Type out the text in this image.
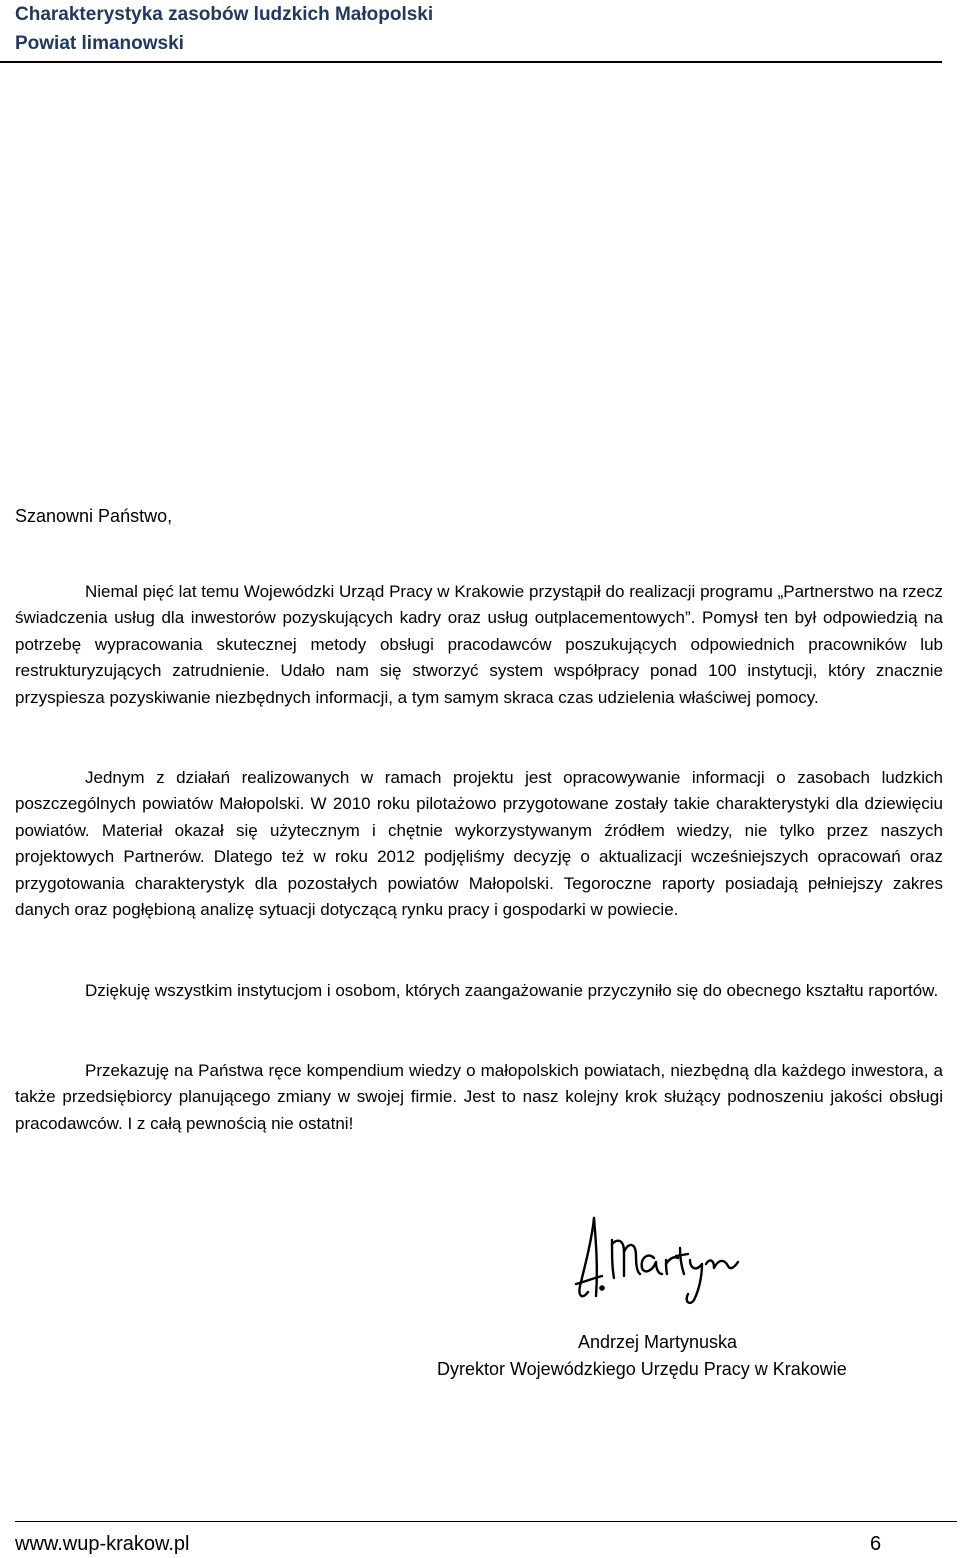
Charakterystyka zasobów ludzkich Małopolski
Powiat limanowski
Szanowni Państwo,

Niemal pięć lat temu Wojewódzki Urząd Pracy w Krakowie przystąpił do realizacji programu „Partnerstwo na rzecz świadczenia usług dla inwestorów pozyskujących kadry oraz usług outplacementowych”. Pomysł ten był odpowiedzią na potrzebę wypracowania skutecznej metody obsługi pracodawców poszukujących odpowiednich pracowników lub restrukturyzujących zatrudnienie. Udało nam się stworzyć system współpracy ponad 100 instytucji, który znacznie przyspiesza pozyskiwanie niezbędnych informacji, a tym samym skraca czas udzielenia właściwej pomocy.

Jednym z działań realizowanych w ramach projektu jest opracowywanie informacji o zasobach ludzkich poszczególnych powiatów Małopolski. W 2010 roku pilotażowo przygotowane zostały takie charakterystyki dla dziewięciu powiatów. Materiał okazał się użytecznym i chętnie wykorzystywanym źródłem wiedzy, nie tylko przez naszych projektowych Partnerów. Dlatego też w roku 2012 podjęliśmy decyzję o aktualizacji wcześniejszych opracowań oraz przygotowania charakterystyk dla pozostałych powiatów Małopolski. Tegoroczne raporty posiadają pełniejszy zakres danych oraz pogłębioną analizę sytuacji dotyczącą rynku pracy i gospodarki w powiecie.

Dziękuję wszystkim instytucjom i osobom, których zaangażowanie przyczyniło się do obecnego kształtu raportów.

Przekazuję na Państwa ręce kompendium wiedzy o małopolskich powiatach, niezbędną dla każdego inwestora, a także przedsiębiorcy planującego zmiany w swojej firmie. Jest to nasz kolejny krok służący podnoszeniu jakości obsługi pracodawców. I z całą pewnością nie ostatni!

Andrzej Martynuska
Dyrektor Wojewódzkiego Urzędu Pracy w Krakowie
www.wup-krakow.pl	6
